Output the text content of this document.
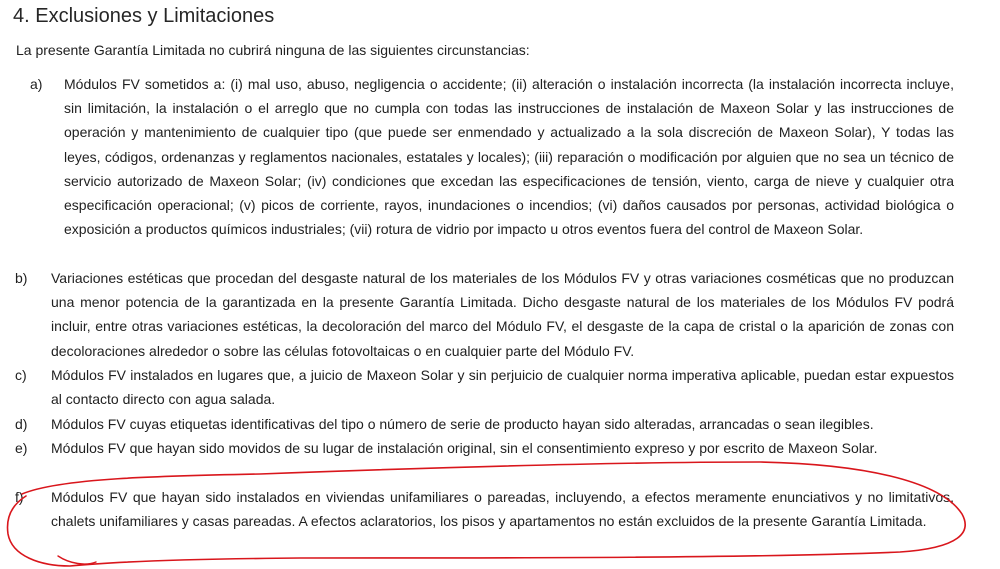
4. Exclusiones y Limitaciones
La presente Garantía Limitada no cubrirá ninguna de las siguientes circunstancias:
a) Módulos FV sometidos a: (i) mal uso, abuso, negligencia o accidente; (ii) alteración o instalación incorrecta (la instalación incorrecta incluye, sin limitación, la instalación o el arreglo que no cumpla con todas las instrucciones de instalación de Maxeon Solar y las instrucciones de operación y mantenimiento de cualquier tipo (que puede ser enmendado y actualizado a la sola discreción de Maxeon Solar), Y todas las leyes, códigos, ordenanzas y reglamentos nacionales, estatales y locales); (iii) reparación o modificación por alguien que no sea un técnico de servicio autorizado de Maxeon Solar; (iv) condiciones que excedan las especificaciones de tensión, viento, carga de nieve y cualquier otra especificación operacional; (v) picos de corriente, rayos, inundaciones o incendios; (vi) daños causados por personas, actividad biológica o exposición a productos químicos industriales; (vii) rotura de vidrio por impacto u otros eventos fuera del control de Maxeon Solar.
b) Variaciones estéticas que procedan del desgaste natural de los materiales de los Módulos FV y otras variaciones cosméticas que no produzcan una menor potencia de la garantizada en la presente Garantía Limitada. Dicho desgaste natural de los materiales de los Módulos FV podrá incluir, entre otras variaciones estéticas, la decoloración del marco del Módulo FV, el desgaste de la capa de cristal o la aparición de zonas con decoloraciones alrededor o sobre las células fotovoltaicas o en cualquier parte del Módulo FV.
c) Módulos FV instalados en lugares que, a juicio de Maxeon Solar y sin perjuicio de cualquier norma imperativa aplicable, puedan estar expuestos al contacto directo con agua salada.
d) Módulos FV cuyas etiquetas identificativas del tipo o número de serie de producto hayan sido alteradas, arrancadas o sean ilegibles.
e) Módulos FV que hayan sido movidos de su lugar de instalación original, sin el consentimiento expreso y por escrito de Maxeon Solar.
f) Módulos FV que hayan sido instalados en viviendas unifamiliares o pareadas, incluyendo, a efectos meramente enunciativos y no limitativos, chalets unifamiliares y casas pareadas. A efectos aclaratorios, los pisos y apartamentos no están excluidos de la presente Garantía Limitada.
